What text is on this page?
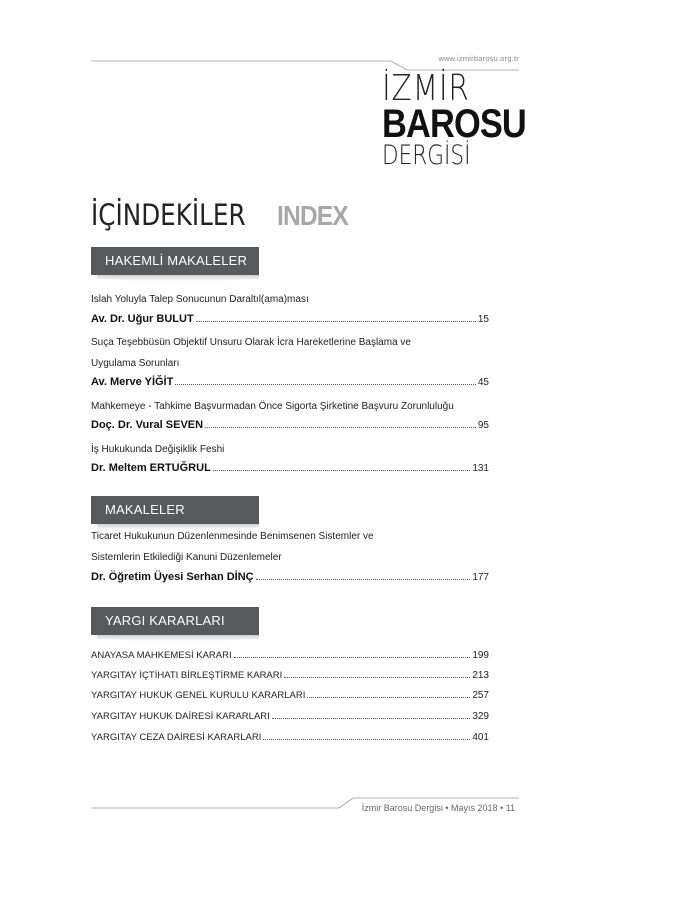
www.izmirbarosu.org.tr
İZMİR
BAROSU
DERGİSİ
İÇİNDEKİLER INDEX
HAKEMLİ MAKALELER
Islah Yoluyla Talep Sonucunun Daraltıl(ama)ması
Av. Dr. Uğur BULUT	15
Suça Teşebbüsün Objektif Unsuru Olarak İcra Hareketlerine Başlama ve
Uygulama Sorunları
Av. Merve YİĞİT	45
Mahkemeye - Tahkime Başvurmadan Önce Sigorta Şirketine Başvuru Zorunluluğu
Doç. Dr. Vural SEVEN	95
İş Hukukunda Değişiklik Feshi
Dr. Meltem ERTUĞRUL	131
MAKALELER
Ticaret Hukukunun Düzenlenmesinde Benimsenen Sistemler ve
Sistemlerin Etkilediği Kanuni Düzenlemeler
Dr. Öğretim Üyesi Serhan DİNÇ	177
YARGI KARARLARI
ANAYASA MAHKEMESİ KARARI	199
YARGITAY İÇTİHATI BİRLEŞTİRME KARARI	213
YARGITAY HUKUK GENEL KURULU KARARLARI	257
YARGITAY HUKUK DAİRESİ KARARLARI	329
YARGITAY CEZA DAİRESİ KARARLARI	401
İzmir Barosu Dergisi • Mayıs 2018 • 11
